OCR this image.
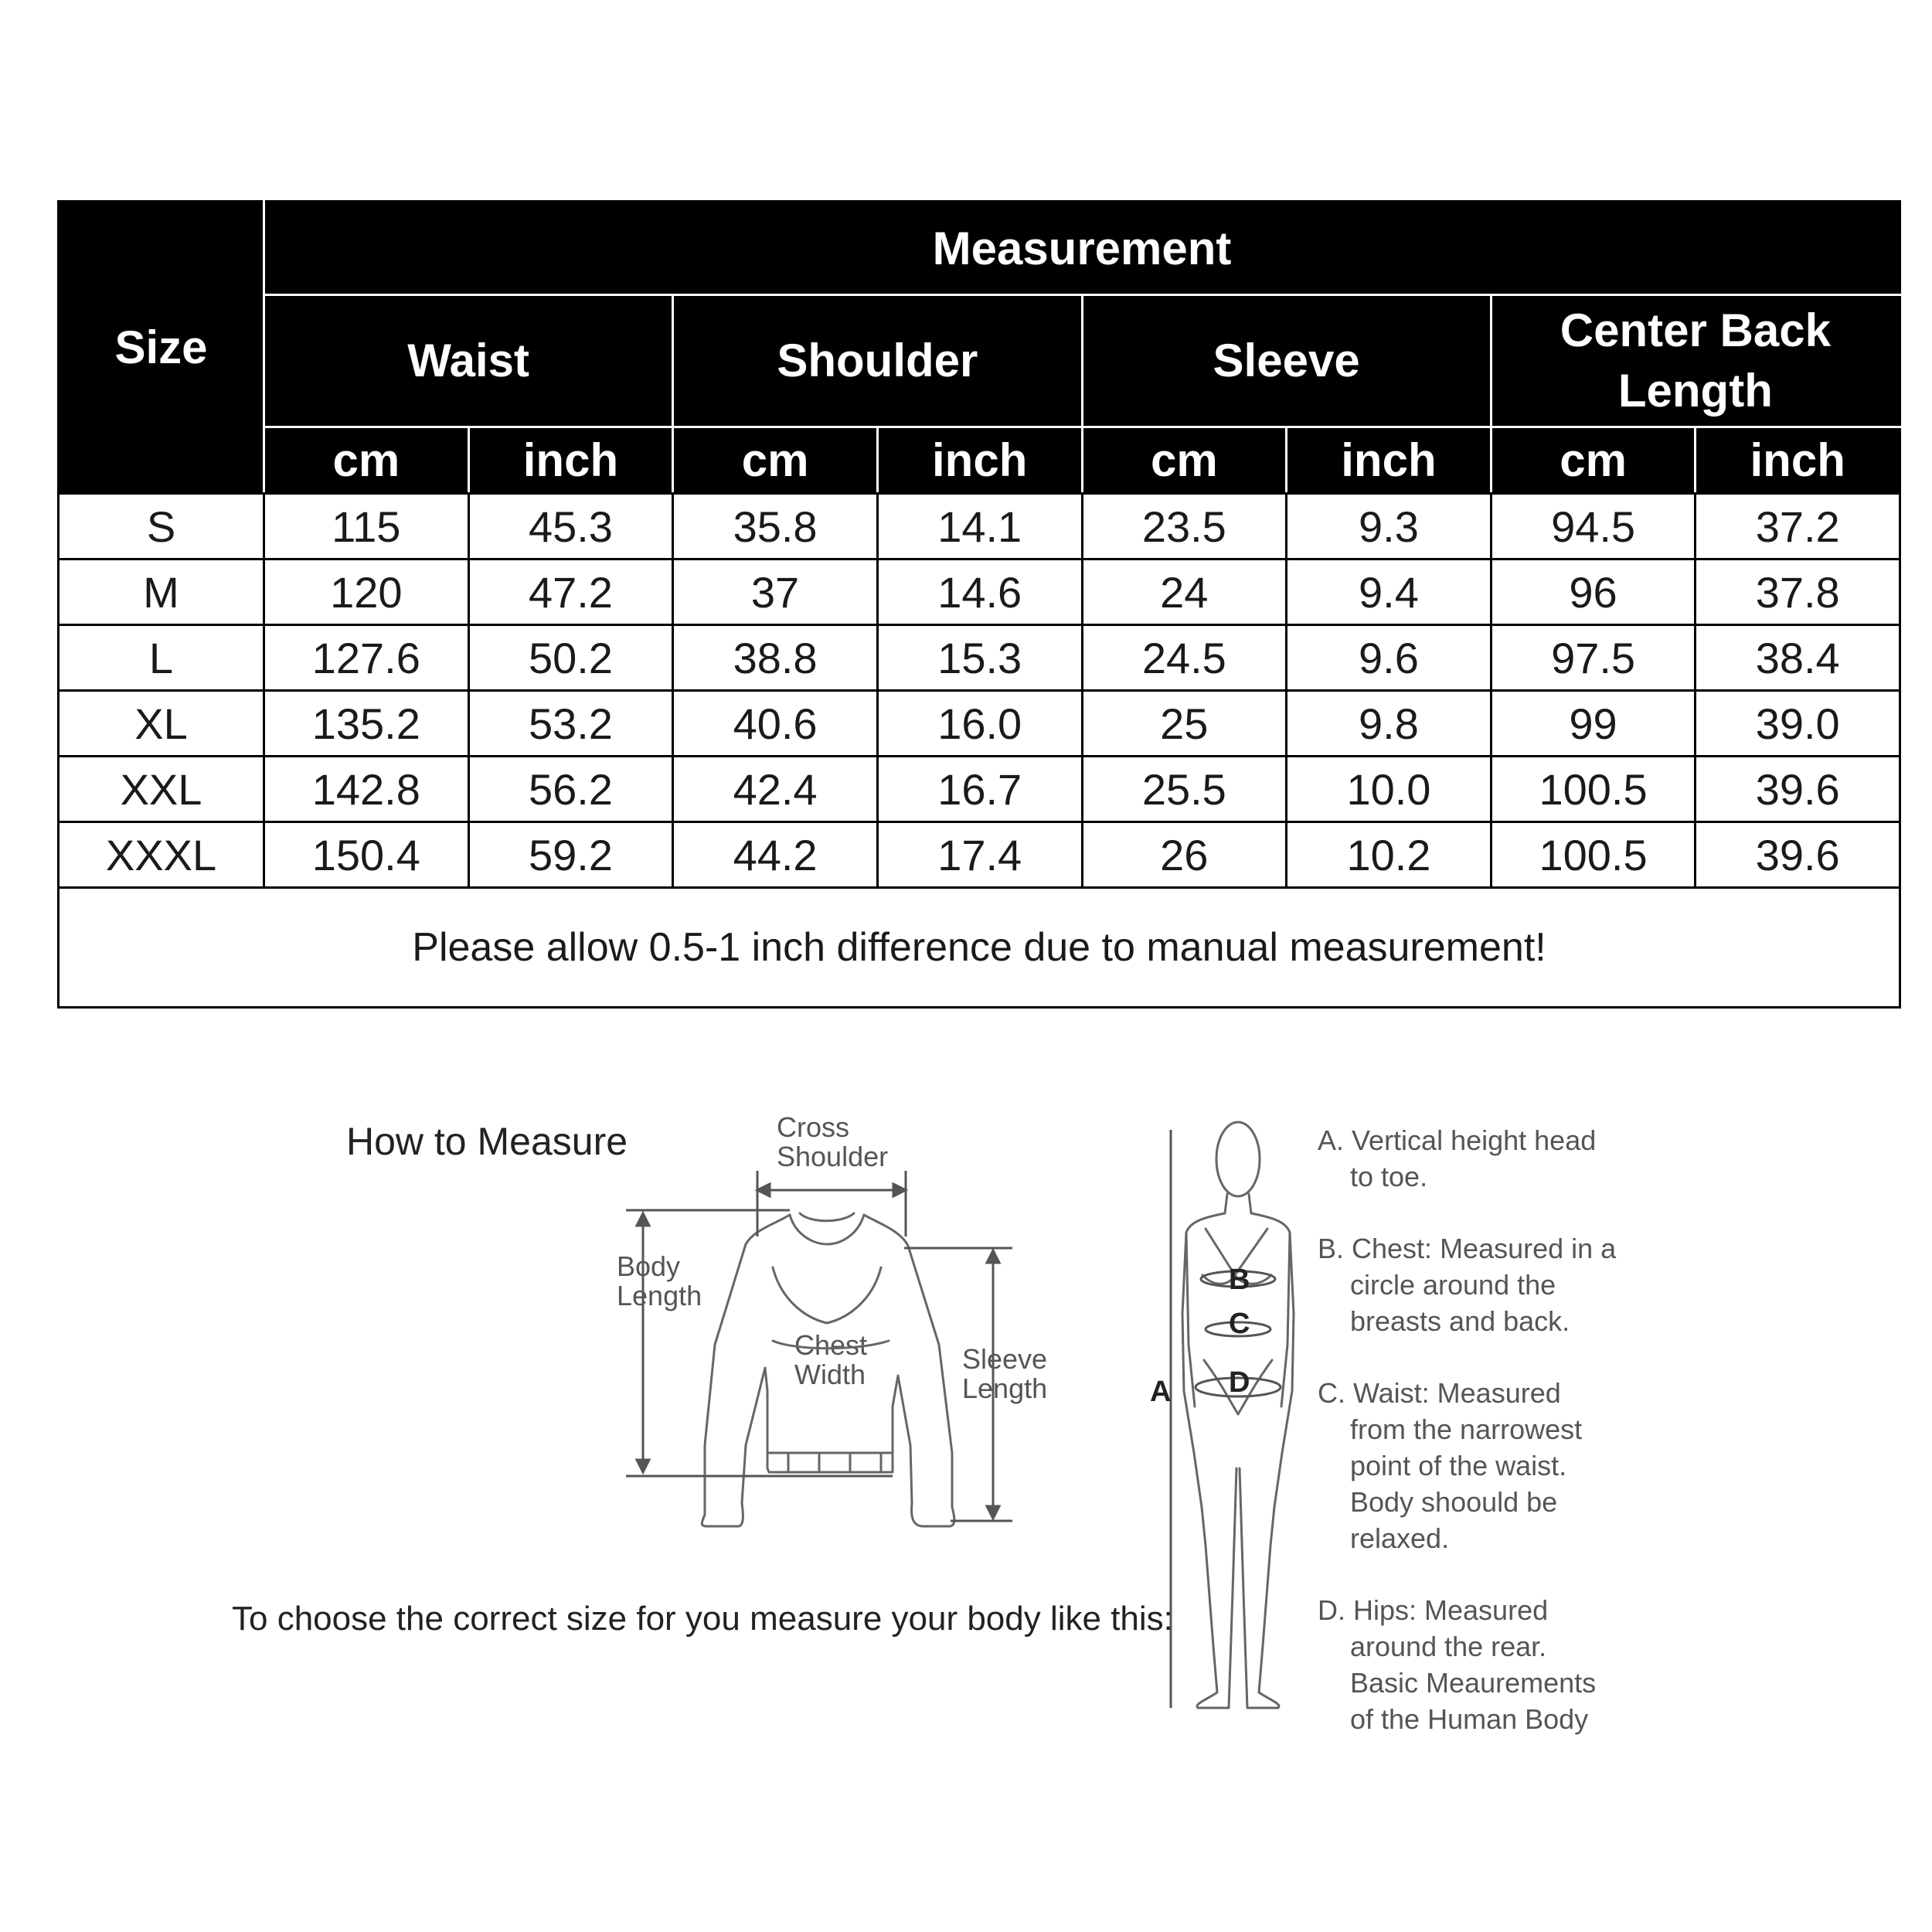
Size	Measurement							
	Waist		Shoulder		Sleeve		Center Back Length	
	cm	inch	cm	inch	cm	inch	cm	inch
S	115	45.3	35.8	14.1	23.5	9.3	94.5	37.2
M	120	47.2	37	14.6	24	9.4	96	37.8
L	127.6	50.2	38.8	15.3	24.5	9.6	97.5	38.4
XL	135.2	53.2	40.6	16.0	25	9.8	99	39.0
XXL	142.8	56.2	42.4	16.7	25.5	10.0	100.5	39.6
XXXL	150.4	59.2	44.2	17.4	26	10.2	100.5	39.6
Please allow 0.5-1 inch difference due to manual measurement!								
How to Measure
To choose the correct size for you measure your body like this:
Cross
Shoulder
Body
Length
Chest
Width	Sleeve
Length	A
B
C
D
A. Vertical height head
to toe.
B. Chest: Measured in a
circle around the
breasts and back.
C. Waist: Measured
from the narrowest
point of the waist.
Body shoould be
relaxed.
D. Hips: Measured
around the rear.
Basic Meaurements
of the Human Body
